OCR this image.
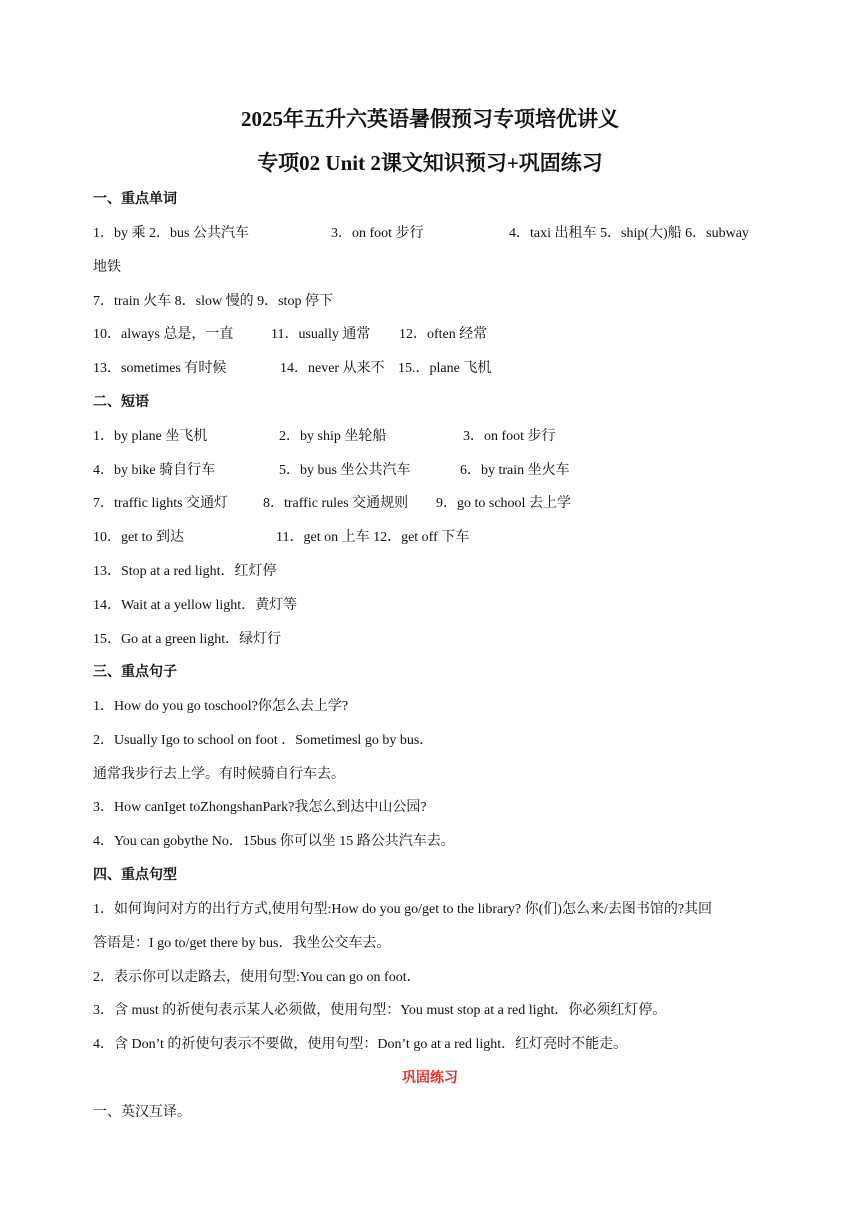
2025年五升六英语暑假预习专项培优讲义
专项02 Unit 2课文知识预习+巩固练习
一、重点单词
1．by 乘 2．bus 公共汽车	3．on foot 步行	4．taxi 出租车 5．ship(大)船 6．subway
地铁
7．train 火车 8．slow 慢的 9．stop 停下
10．always 总是，一直	11．usually 通常 12．often 经常
13．sometimes 有时候	14．never 从来不 15.．plane 飞机
二、短语
1．by plane 坐飞机	2．by ship 坐轮船	3．on foot 步行
4．by bike 骑自行车	5．by bus 坐公共汽车	6．by train 坐火车
7．traffic lights 交通灯 8．traffic rules 交通规则 9．go to school 去上学
10．get to 到达	11．get on 上车 12．get off 下车
13．Stop at a red light．红灯停
14．Wait at a yellow light．黄灯等
15．Go at a green light．绿灯行
三、重点句子
1．How do you go toschool?你怎么去上学?
2．Usually Igo to school on foot ．Sometimesl go by bus．
通常我步行去上学。有时候骑自行车去。
3．How canIget toZhongshanPark?我怎么到达中山公园?
4．You can gobythe No．15bus 你可以坐 15 路公共汽车去。
四、重点句型
1．如何询问对方的出行方式,使用句型:How do you go/get to the library? 你(们)怎么来/去图书馆的?其回
答语是：I go to/get there by bus．我坐公交车去。
2．表示你可以走路去，使用句型:You can go on foot．
3．含 must 的祈使句表示某人必须做，使用句型：You must stop at a red light．你必须红灯停。
4．含 Don’t 的祈使句表示不要做，使用句型：Don’t go at a red light．红灯亮时不能走。
巩固练习
一、英汉互译。
